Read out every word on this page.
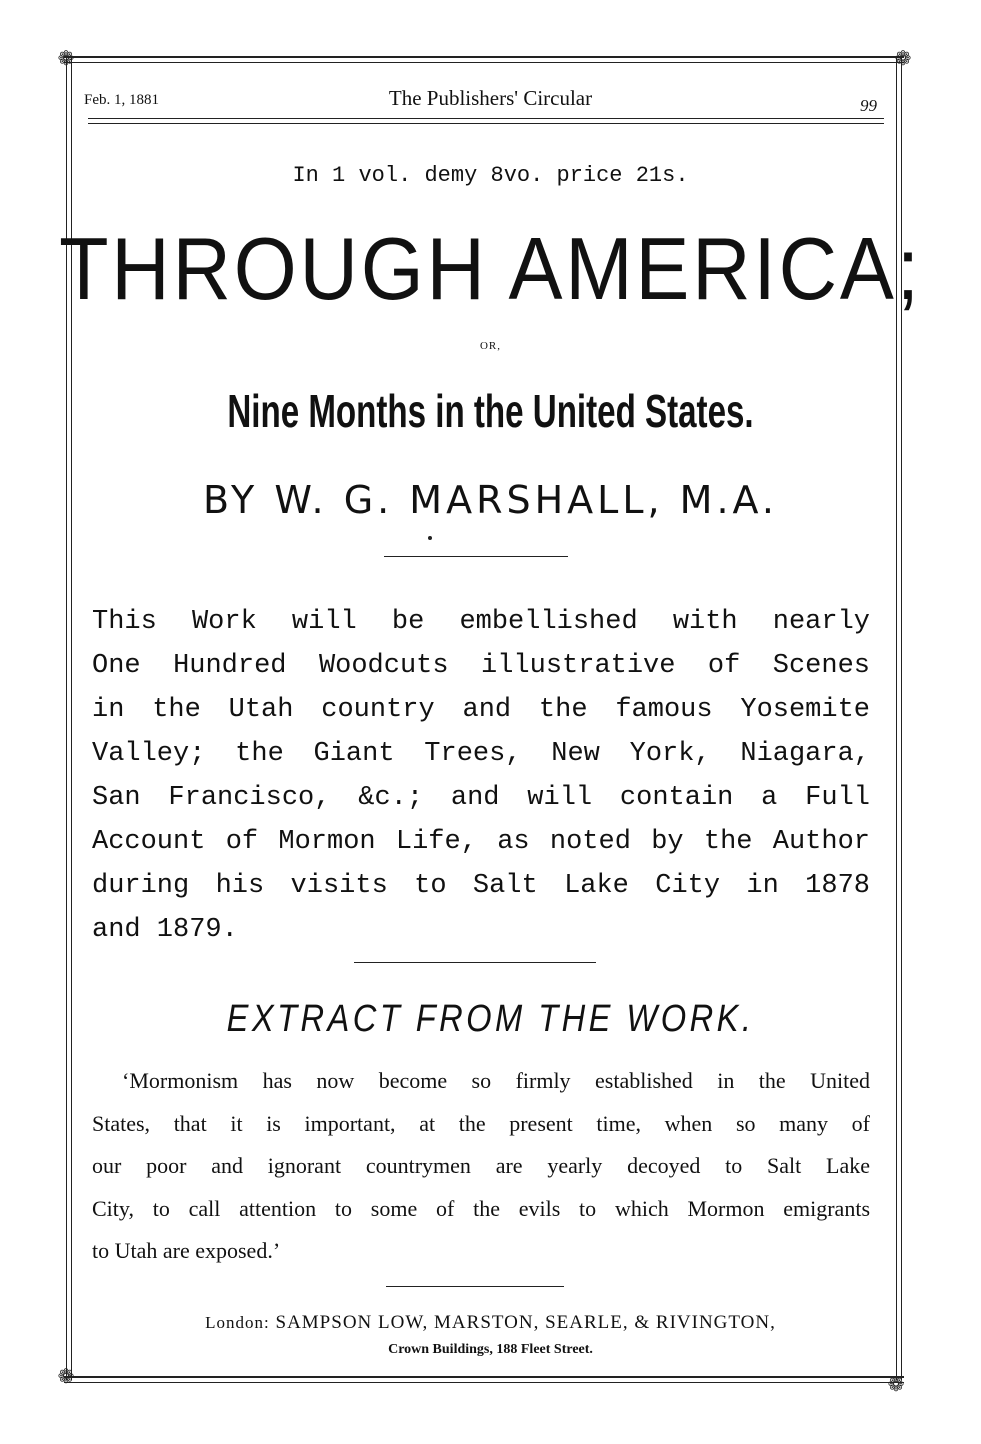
❁	❁
❁	❁
Feb. 1, 1881	The Publishers' Circular	99
In 1 vol. demy 8vo. price 21s.
THROUGH AMERICA;
OR,
Nine Months in the United States.
BY W. G. MARSHALL, M.A.
This Work will be embellished with nearly
One Hundred Woodcuts illustrative of Scenes
in the Utah country and the famous Yosemite
Valley; the Giant Trees, New York, Niagara,
San Francisco, &c.; and will contain a Full
Account of Mormon Life, as noted by the Author
during his visits to Salt Lake City in 1878
and 1879.
EXTRACT FROM THE WORK.
‘Mormonism has now become so firmly established in the United
States, that it is important, at the present time, when so many of
our poor and ignorant countrymen are yearly decoyed to Salt Lake
City, to call attention to some of the evils to which Mormon emigrants
to Utah are exposed.’
London: SAMPSON LOW, MARSTON, SEARLE, & RIVINGTON,
Crown Buildings, 188 Fleet Street.
